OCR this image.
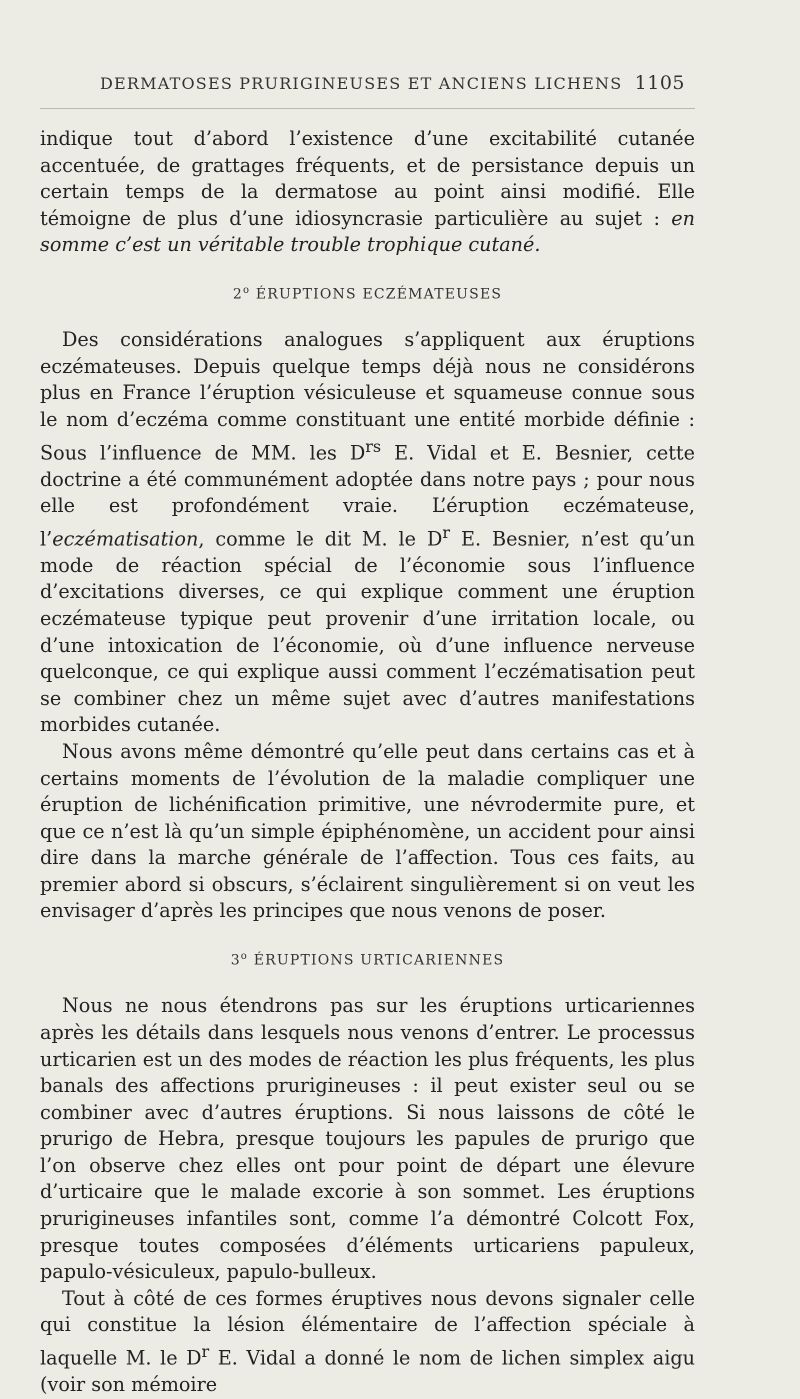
DERMATOSES PRURIGINEUSES ET ANCIENS LICHENS 1105

indique tout d’abord l’existence d’une excitabilité cutanée accentuée, de grattages fréquents, et de persistance depuis un certain temps de la dermatose au point ainsi modifié. Elle témoigne de plus d’une idiosyncrasie particulière au sujet : en somme c’est un véritable trouble trophique cutané.

2$^o$ ÉRUPTIONS ECZÉMATEUSES

Des considérations analogues s’appliquent aux éruptions eczémateuses. Depuis quelque temps déjà nous ne considérons plus en France l’éruption vésiculeuse et squameuse connue sous le nom d’eczéma comme constituant une entité morbide définie : Sous l’influence de MM. les $D^{rs}$ E. Vidal et E. Besnier, cette doctrine a été communément adoptée dans notre pays ; pour nous elle est profondément vraie. L’éruption eczémateuse, l’eczématisation, comme le dit M. le $D^r$ E. Besnier, n’est qu’un mode de réaction spécial de l’économie sous l’influence d’excitations diverses, ce qui explique comment une éruption eczémateuse typique peut provenir d’une irritation locale, ou d’une intoxication de l’économie, où d’une influence nerveuse quelconque, ce qui explique aussi comment l’eczématisation peut se combiner chez un même sujet avec d’autres manifestations morbides cutanée.

Nous avons même démontré qu’elle peut dans certains cas et à certains moments de l’évolution de la maladie compliquer une éruption de lichénification primitive, une névrodermite pure, et que ce n’est là qu’un simple épiphénomène, un accident pour ainsi dire dans la marche générale de l’affection. Tous ces faits, au premier abord si obscurs, s’éclairent singulièrement si on veut les envisager d’après les principes que nous venons de poser.

3$^o$ ÉRUPTIONS URTICARIENNES

Nous ne nous étendrons pas sur les éruptions urticariennes après les détails dans lesquels nous venons d’entrer. Le processus urticarien est un des modes de réaction les plus fréquents, les plus banals des affections prurigineuses : il peut exister seul ou se combiner avec d’autres éruptions. Si nous laissons de côté le prurigo de Hebra, presque toujours les papules de prurigo que l’on observe chez elles ont pour point de départ une élevure d’urticaire que le malade excorie à son sommet. Les éruptions prurigineuses infantiles sont, comme l’a démontré Colcott Fox, presque toutes composées d’éléments urticariens papuleux, papulo-vésiculeux, papulo-bulleux.

Tout à côté de ces formes éruptives nous devons signaler celle qui constitue la lésion élémentaire de l’affection spéciale à laquelle M. le $D^r$ E. Vidal a donné le nom de lichen simplex aigu (voir son mémoire
